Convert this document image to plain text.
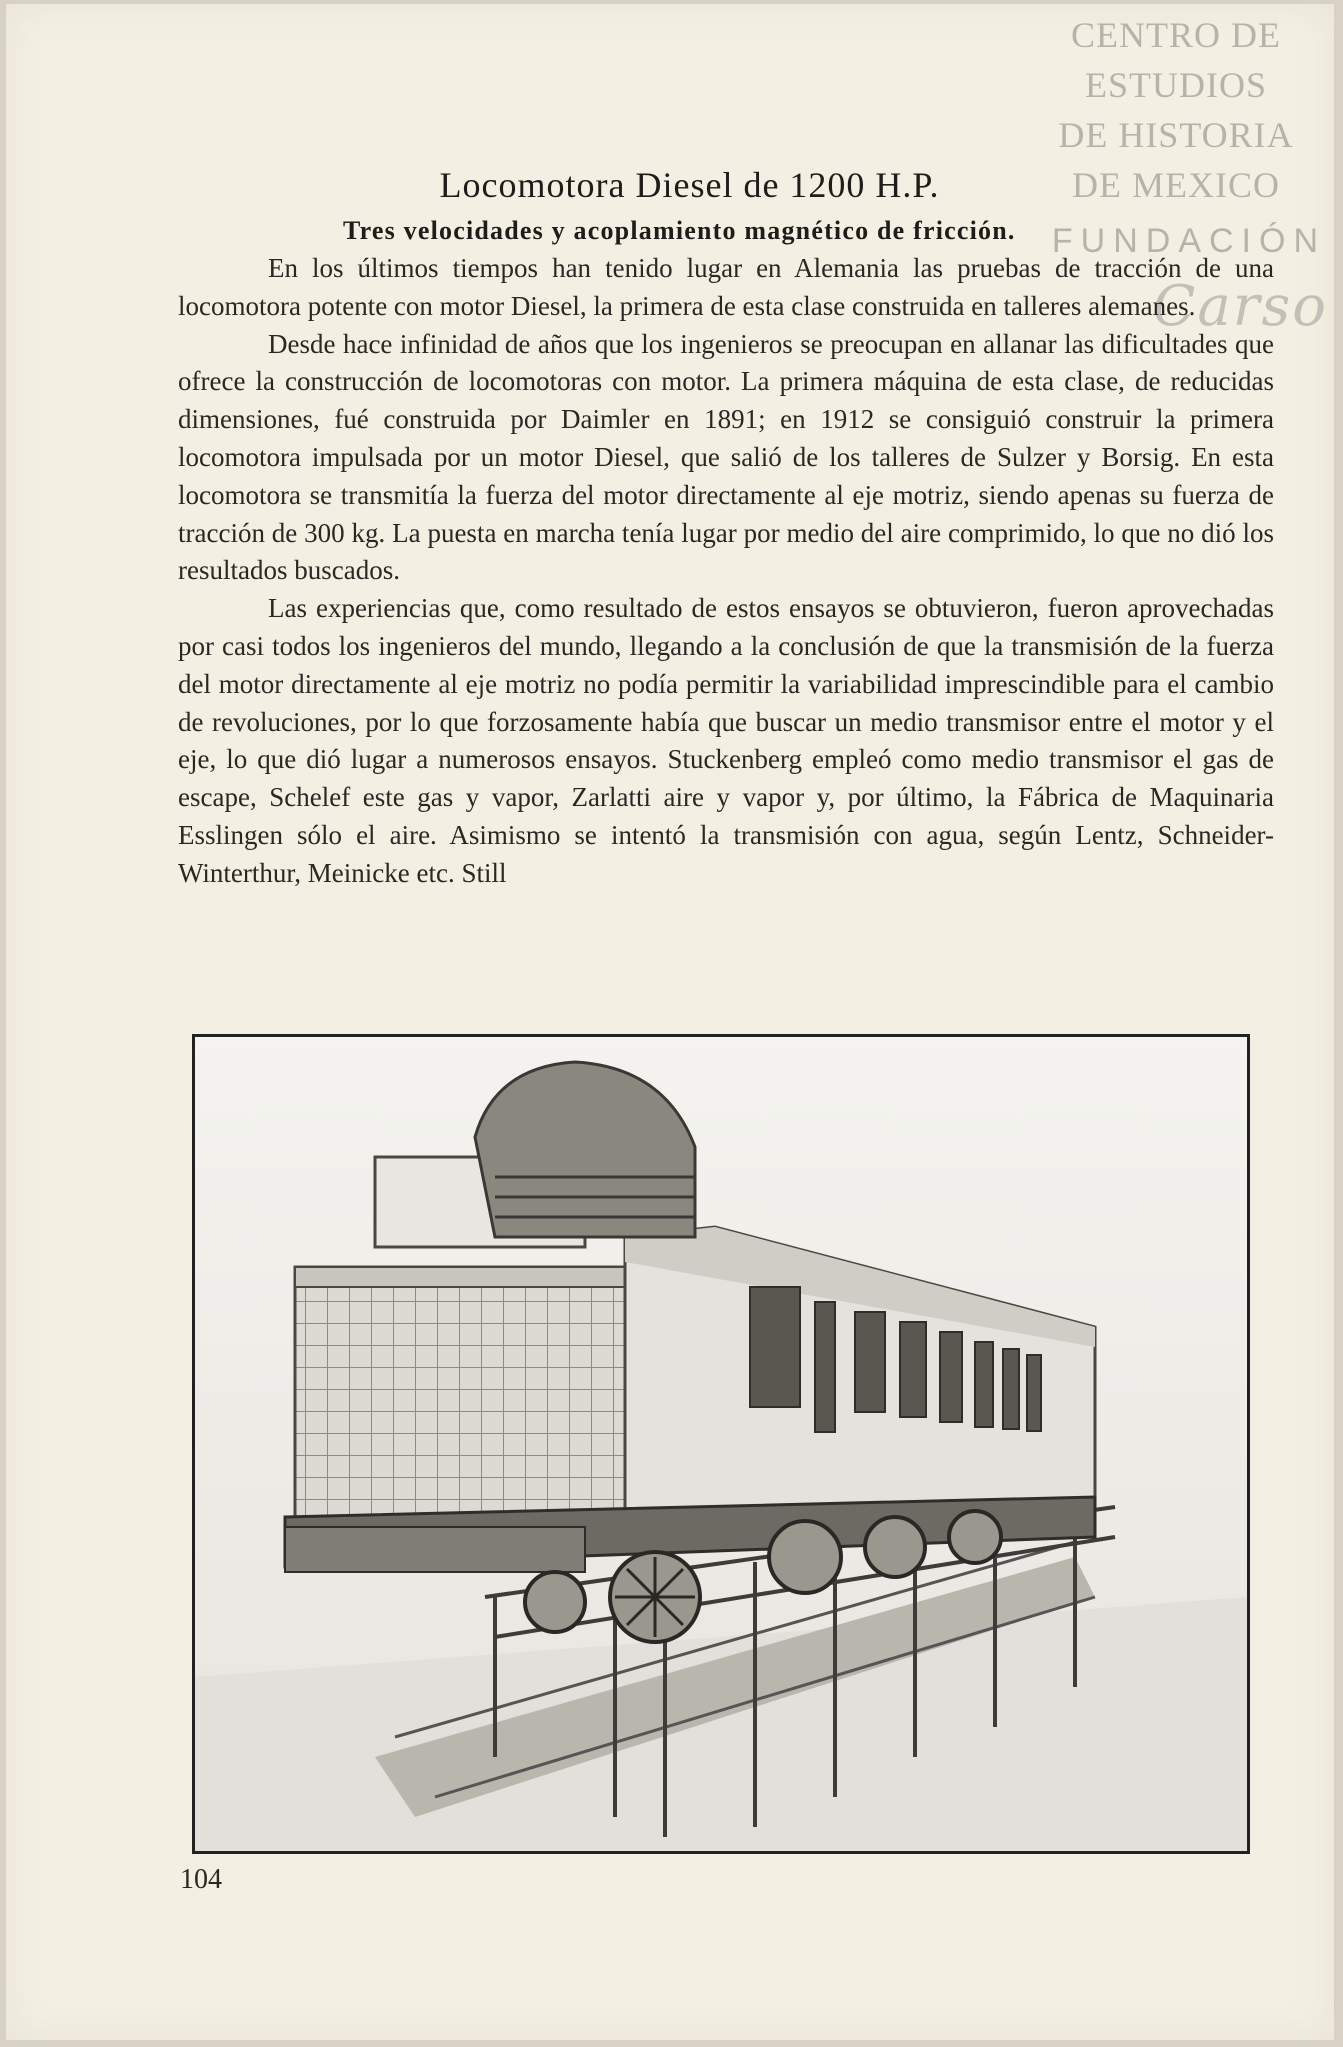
CENTRO DE
ESTUDIOS
DE HISTORIA
DE MEXICO
FUNDACIÓN
Carso
Locomotora Diesel de 1200 H.P.
Tres velocidades y acoplamiento magnético de fricción.

En los últimos tiempos han tenido lugar en Alemania las pruebas de tracción de una locomotora potente con motor Diesel, la primera de esta clase construida en talleres alemanes.

Desde hace infinidad de años que los ingenieros se preocupan en allanar las dificultades que ofrece la construcción de locomotoras con motor. La primera máquina de esta clase, de reducidas dimensiones, fué construida por Daimler en 1891; en 1912 se consiguió construir la primera locomotora impulsada por un motor Diesel, que salió de los talleres de Sulzer y Borsig. En esta locomotora se transmitía la fuerza del motor directamente al eje motriz, siendo apenas su fuerza de tracción de 300 kg. La puesta en marcha tenía lugar por medio del aire comprimido, lo que no dió los resultados buscados.

Las experiencias que, como resultado de estos ensayos se obtuvieron, fueron aprovechadas por casi todos los ingenieros del mundo, llegando a la conclusión de que la transmisión de la fuerza del motor directamente al eje motriz no podía permitir la variabilidad imprescindible para el cambio de revoluciones, por lo que forzosamente había que buscar un medio transmisor entre el motor y el eje, lo que dió lugar a numerosos ensayos. Stuckenberg empleó como medio transmisor el gas de escape, Schelef este gas y vapor, Zarlatti aire y vapor y, por último, la Fábrica de Maquinaria Esslingen sólo el aire. Asimismo se intentó la transmisión con agua, según Lentz, Schneider-Winterthur, Meinicke etc. Still

104
